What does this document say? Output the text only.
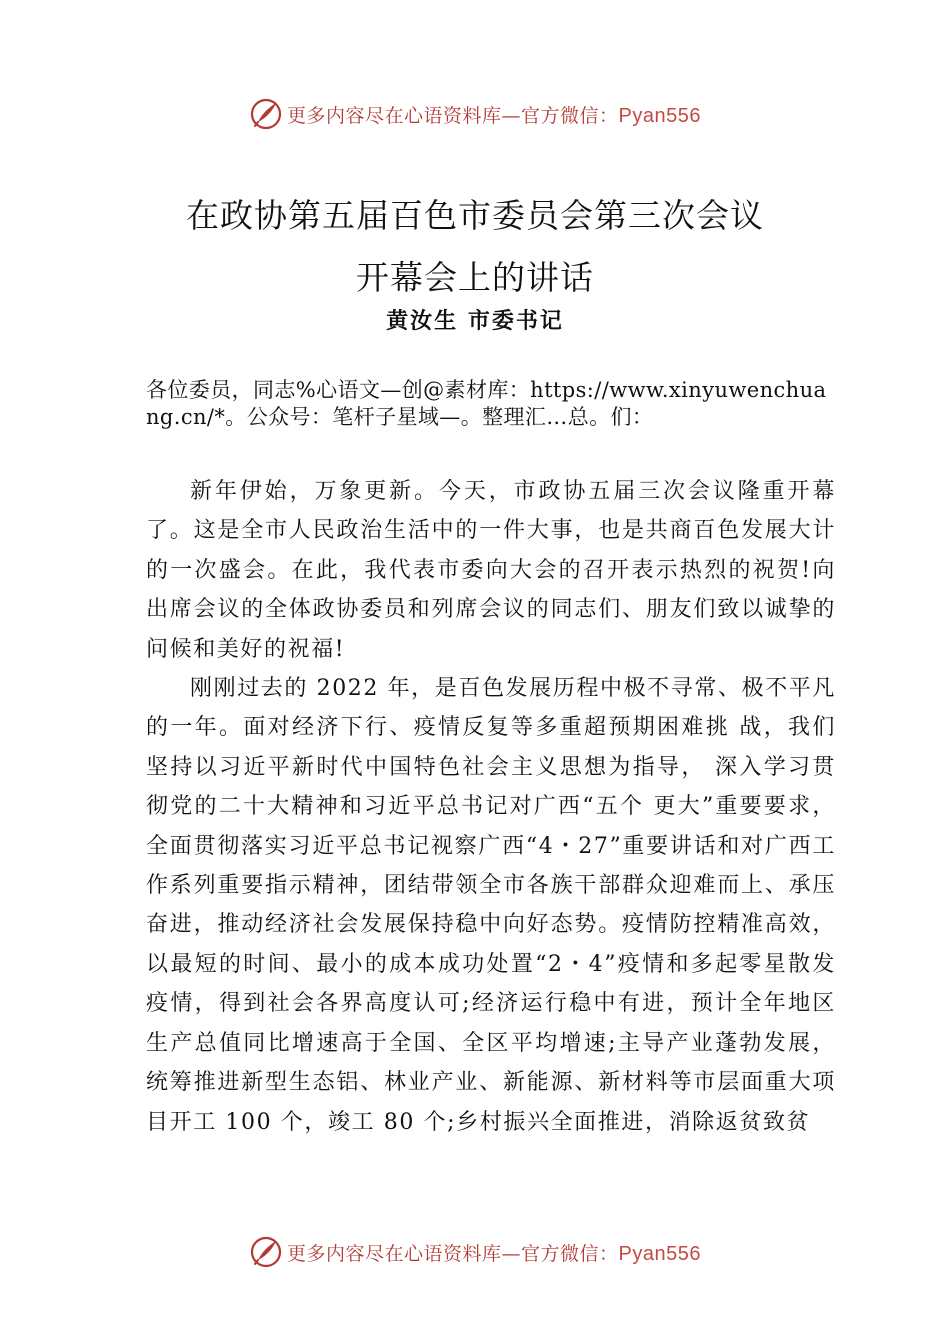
更多内容尽在心语资料库—官方微信：Pyan556
在政协第五届百色市委员会第三次会议
开幕会上的讲话
黄汝生 市委书记
各位委员，同志%心语文—创@素材库：https://www.xinyuwenchuang.cn/*。公众号：笔杆子星域—。整理汇…总。们：

新年伊始，万象更新。今天，市政协五届三次会议隆重开幕了。这是全市人民政治生活中的一件大事，也是共商百色发展大计的一次盛会。在此，我代表市委向大会的召开表示热烈的祝贺!向出席会议的全体政协委员和列席会议的同志们、朋友们致以诚挚的问候和美好的祝福!

刚刚过去的 2022 年，是百色发展历程中极不寻常、极不平凡的一年。面对经济下行、疫情反复等多重超预期困难挑 战，我们坚持以习近平新时代中国特色社会主义思想为指导， 深入学习贯彻党的二十大精神和习近平总书记对广西“五个 更大”重要要求，全面贯彻落实习近平总书记视察广西“4・27”重要讲话和对广西工作系列重要指示精神，团结带领全市各族干部群众迎难而上、承压奋进，推动经济社会发展保持稳中向好态势。疫情防控精准高效，以最短的时间、最小的成本成功处置“2・4”疫情和多起零星散发疫情，得到社会各界高度认可;经济运行稳中有进，预计全年地区生产总值同比增速高于全国、全区平均增速;主导产业蓬勃发展，统筹推进新型生态铝、林业产业、新能源、新材料等市层面重大项目开工 100 个，竣工 80 个;乡村振兴全面推进，消除返贫致贫

更多内容尽在心语资料库—官方微信：Pyan556
